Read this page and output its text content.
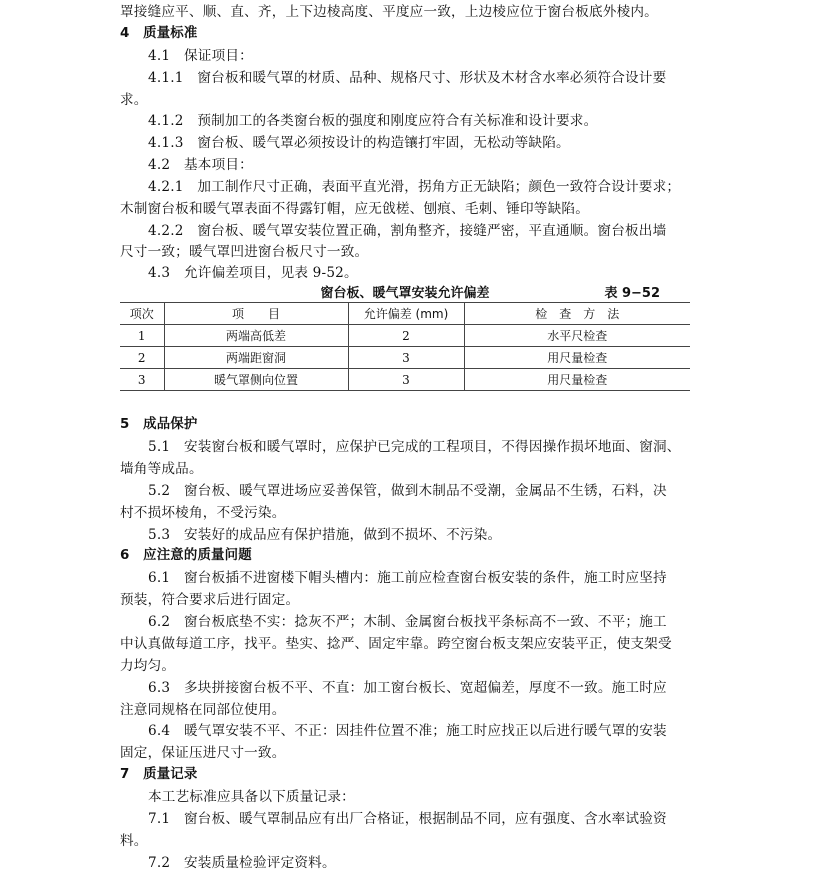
罩接缝应平、顺、直、齐，上下边棱高度、平度应一致，上边棱应位于窗台板底外棱内。
4　质量标准
4.1　保证项目：
4.1.1　窗台板和暖气罩的材质、品种、规格尺寸、形状及木材含水率必须符合设计要
求。
4.1.2　预制加工的各类窗台板的强度和刚度应符合有关标准和设计要求。
4.1.3　窗台板、暖气罩必须按设计的构造镶打牢固，无松动等缺陷。
4.2　基本项目：
4.2.1　加工制作尺寸正确，表面平直光滑，拐角方正无缺陷；颜色一致符合设计要求；
木制窗台板和暖气罩表面不得露钉帽，应无戗槎、刨痕、毛刺、锤印等缺陷。
4.2.2　窗台板、暖气罩安装位置正确，割角整齐，接缝严密，平直通顺。窗台板出墙
尺寸一致；暖气罩凹进窗台板尺寸一致。
4.3　允许偏差项目，见表 9-52。
窗台板、暖气罩安装允许偏差	表 9−52
项次	项　　目	允许偏差 (mm)	检　查　方　法
1	两端高低差	2	水平尺检查
2	两端距窗洞	3	用尺量检查
3	暖气罩侧向位置	3	用尺量检查
5　成品保护
5.1　安装窗台板和暖气罩时，应保护已完成的工程项目，不得因操作损坏地面、窗洞、
墙角等成品。
5.2　窗台板、暖气罩进场应妥善保管，做到木制品不受潮，金属品不生锈，石料，决
村不损坏棱角，不受污染。
5.3　安装好的成品应有保护措施，做到不损坏、不污染。
6　应注意的质量问题
6.1　窗台板插不进窗楼下帽头槽内：施工前应检查窗台板安装的条件，施工时应坚持
预装，符合要求后进行固定。
6.2　窗台板底垫不实：捻灰不严；木制、金属窗台板找平条标高不一致、不平；施工
中认真做每道工序，找平。垫实、捻严、固定牢靠。跨空窗台板支架应安装平正，使支架受
力均匀。
6.3　多块拼接窗台板不平、不直：加工窗台板长、宽超偏差，厚度不一致。施工时应
注意同规格在同部位使用。
6.4　暖气罩安装不平、不正：因挂件位置不准；施工时应找正以后进行暖气罩的安装
固定，保证压进尺寸一致。
7　质量记录
本工艺标准应具备以下质量记录：
7.1　窗台板、暖气罩制品应有出厂合格证，根据制品不同，应有强度、含水率试验资
料。
7.2　安装质量检验评定资料。
